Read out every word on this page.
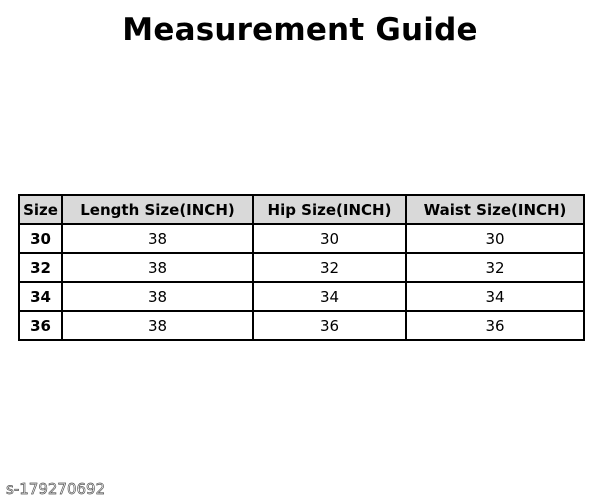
Measurement Guide
Size	Length Size(INCH)	Hip Size(INCH)	Waist Size(INCH)
30	38	30	30
32	38	32	32
34	38	34	34
36	38	36	36
s-179270692
